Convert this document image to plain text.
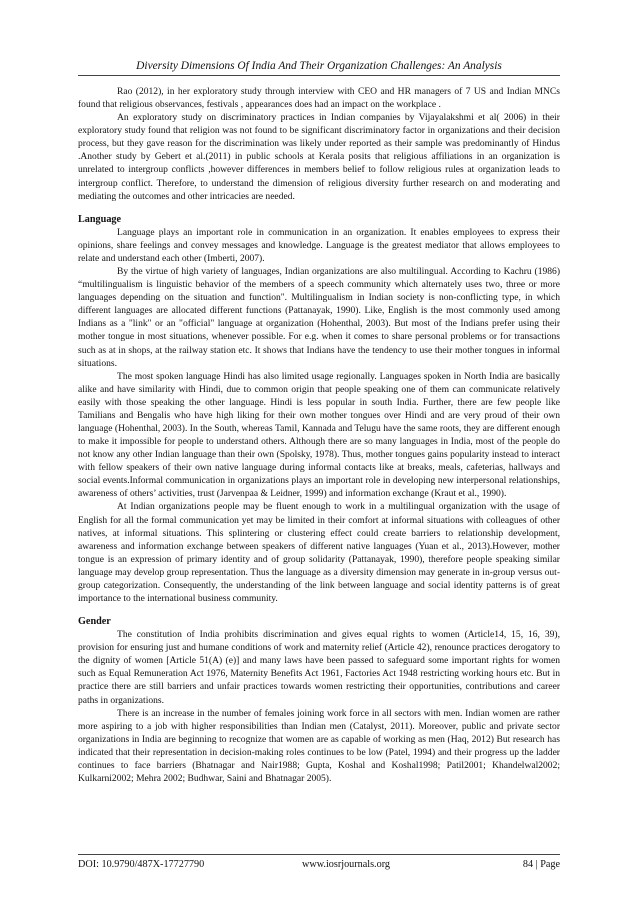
Diversity Dimensions Of India And Their Organization Challenges: An Analysis

Rao (2012), in her exploratory study through interview with CEO and HR managers of 7 US and Indian MNCs found that religious observances, festivals , appearances does had an impact on the workplace .

An exploratory study on discriminatory practices in Indian companies by Vijayalakshmi et al( 2006) in their exploratory study found that religion was not found to be significant discriminatory factor in organizations and their decision process, but they gave reason for the discrimination was likely under reported as their sample was predominantly of Hindus .Another study by Gebert et al.(2011) in public schools at Kerala posits that religious affiliations in an organization is unrelated to intergroup conflicts ,however differences in members belief to follow religious rules at organization leads to intergroup conflict. Therefore, to understand the dimension of religious diversity further research on and moderating and mediating the outcomes and other intricacies are needed.

Language

Language plays an important role in communication in an organization. It enables employees to express their opinions, share feelings and convey messages and knowledge. Language is the greatest mediator that allows employees to relate and understand each other (Imberti, 2007).

By the virtue of high variety of languages, Indian organizations are also multilingual. According to Kachru (1986) “multilingualism is linguistic behavior of the members of a speech community which alternately uses two, three or more languages depending on the situation and function". Multilingualism in Indian society is non-conflicting type, in which different languages are allocated different functions (Pattanayak, 1990). Like, English is the most commonly used among Indians as a "link" or an "official" language at organization (Hohenthal, 2003). But most of the Indians prefer using their mother tongue in most situations, whenever possible. For e.g. when it comes to share personal problems or for transactions such as at in shops, at the railway station etc. It shows that Indians have the tendency to use their mother tongues in informal situations.

The most spoken language Hindi has also limited usage regionally. Languages spoken in North India are basically alike and have similarity with Hindi, due to common origin that people speaking one of them can communicate relatively easily with those speaking the other language. Hindi is less popular in south India. Further, there are few people like Tamilians and Bengalis who have high liking for their own mother tongues over Hindi and are very proud of their own language (Hohenthal, 2003). In the South, whereas Tamil, Kannada and Telugu have the same roots, they are different enough to make it impossible for people to understand others. Although there are so many languages in India, most of the people do not know any other Indian language than their own (Spolsky, 1978). Thus, mother tongues gains popularity instead to interact with fellow speakers of their own native language during informal contacts like at breaks, meals, cafeterias, hallways and social events.Informal communication in organizations plays an important role in developing new interpersonal relationships, awareness of others’ activities, trust (Jarvenpaa & Leidner, 1999) and information exchange (Kraut et al., 1990).

At Indian organizations people may be fluent enough to work in a multilingual organization with the usage of English for all the formal communication yet may be limited in their comfort at informal situations with colleagues of other natives, at informal situations. This splintering or clustering effect could create barriers to relationship development, awareness and information exchange between speakers of different native languages (Yuan et al., 2013).However, mother tongue is an expression of primary identity and of group solidarity (Pattanayak, 1990), therefore people speaking similar language may develop group representation. Thus the language as a diversity dimension may generate in in-group versus out-group categorization. Consequently, the understanding of the link between language and social identity patterns is of great importance to the international business community.

Gender

The constitution of India prohibits discrimination and gives equal rights to women (Article14, 15, 16, 39), provision for ensuring just and humane conditions of work and maternity relief (Article 42), renounce practices derogatory to the dignity of women [Article 51(A) (e)] and many laws have been passed to safeguard some important rights for women such as Equal Remuneration Act 1976, Maternity Benefits Act 1961, Factories Act 1948 restricting working hours etc. But in practice there are still barriers and unfair practices towards women restricting their opportunities, contributions and career paths in organizations.

There is an increase in the number of females joining work force in all sectors with men. Indian women are rather more aspiring to a job with higher responsibilities than Indian men (Catalyst, 2011). Moreover, public and private sector organizations in India are beginning to recognize that women are as capable of working as men (Haq, 2012) But research has indicated that their representation in decision-making roles continues to be low (Patel, 1994) and their progress up the ladder continues to face barriers (Bhatnagar and Nair1988; Gupta, Koshal and Koshal1998; Patil2001; Khandelwal2002; Kulkarni2002; Mehra 2002; Budhwar, Saini and Bhatnagar 2005).

DOI: 10.9790/487X-17727790	www.iosrjournals.org	84 | Page
